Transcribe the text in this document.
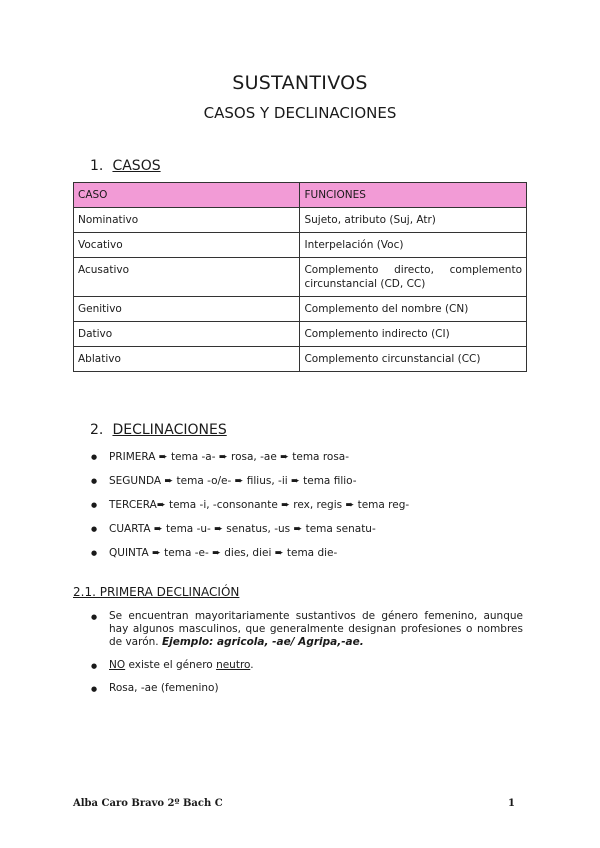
SUSTANTIVOS
CASOS Y DECLINACIONES
1. CASOS
CASO	FUNCIONES
Nominativo	Sujeto, atributo (Suj, Atr)
Vocativo	Interpelación (Voc)
Acusativo	Complemento directo, complemento circunstancial (CD, CC)
Genitivo	Complemento del nombre (CN)
Dativo	Complemento indirecto (CI)
Ablativo	Complemento circunstancial (CC)
2. DECLINACIONES
● PRIMERA ➨ tema -a- ➨ rosa, -ae ➨ tema rosa-
● SEGUNDA ➨ tema -o/e- ➨ filius, -ii ➨ tema filio-
● TERCERA➨ tema -i, -consonante ➨ rex, regis ➨ tema reg-
● CUARTA ➨ tema -u- ➨ senatus, -us ➨ tema senatu-
● QUINTA ➨ tema -e- ➨ dies, diei ➨ tema die-
2.1. PRIMERA DECLINACIÓN
● Se encuentran mayoritariamente sustantivos de género femenino, aunque hay algunos masculinos, que generalmente designan profesiones o nombres de varón. Ejemplo: agricola, -ae/ Agripa,-ae.
● NO existe el género neutro.
● Rosa, -ae (femenino)
Alba Caro Bravo 2º Bach C	1
